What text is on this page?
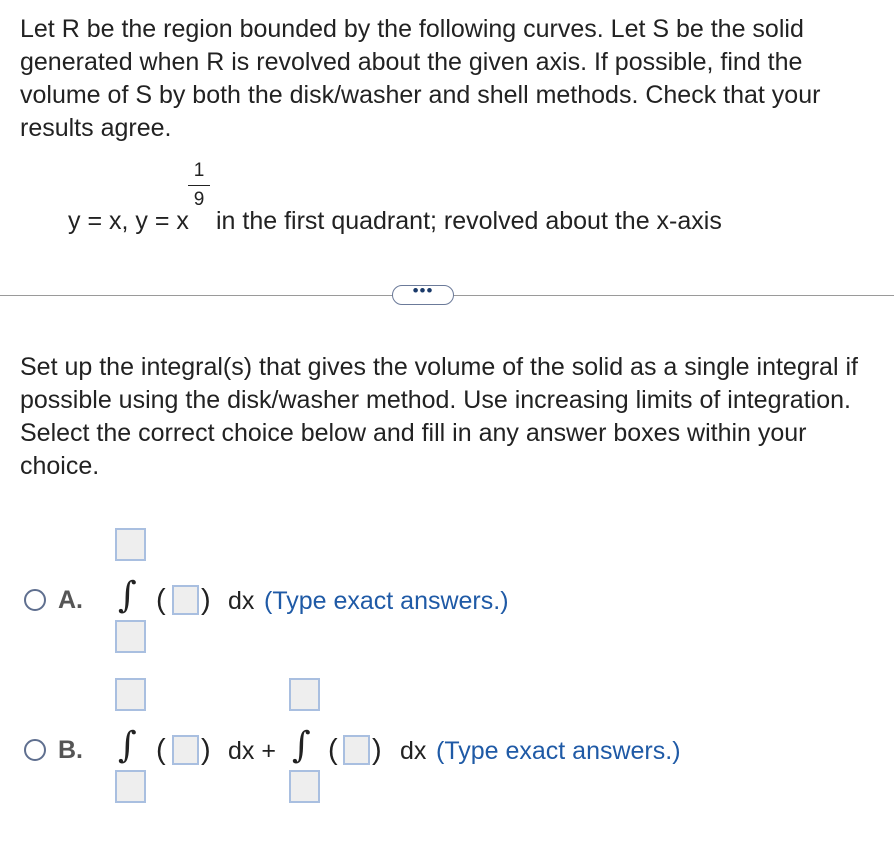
Let R be the region bounded by the following curves. Let S be the solid generated when R is revolved about the given axis. If possible, find the volume of S by both the disk/washer and shell methods. Check that your results agree.
y = x, y = x
1
9
in the first quadrant; revolved about the x-axis
•••
Set up the integral(s) that gives the volume of the solid as a single integral if possible using the disk/washer method. Use increasing limits of integration. Select the correct choice below and fill in any answer boxes within your choice.
A. ∫ ( ) dx (Type exact answers.)
B. ∫ ( ) dx + ∫ ( ) dx (Type exact answers.)
